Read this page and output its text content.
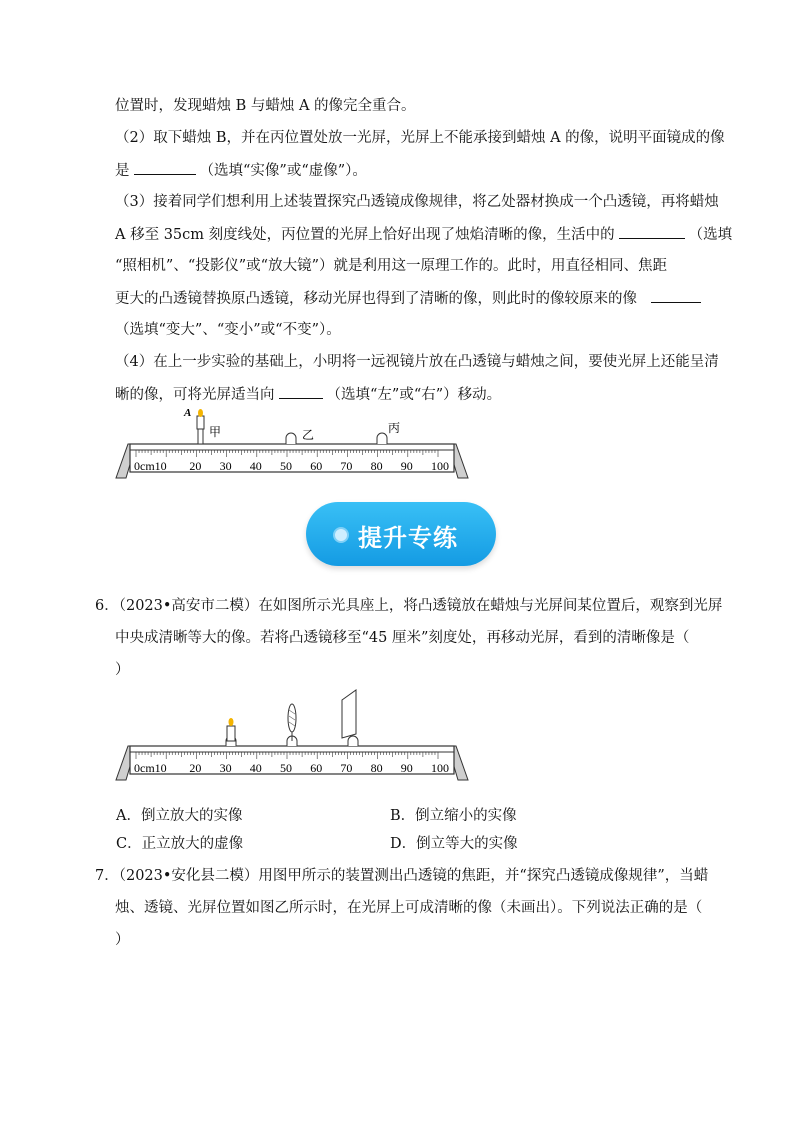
位置时，发现蜡烛 B 与蜡烛 A 的像完全重合。
（2）取下蜡烛 B，并在丙位置处放一光屏，光屏上不能承接到蜡烛 A 的像，说明平面镜成的像
是	（选填“实像”或“虚像”）。
（3）接着同学们想利用上述装置探究凸透镜成像规律，将乙处器材换成一个凸透镜，再将蜡烛
A 移至 35cm 刻度线处，丙位置的光屏上恰好出现了烛焰清晰的像，生活中的	（选填
“照相机”、“投影仪”或“放大镜”）就是利用这一原理工作的。此时，用直径相同、焦距
更大的凸透镜替换原凸透镜，移动光屏也得到了清晰的像，则此时的像较原来的像
（选填“变大”、“变小”或“不变”）。
（4）在上一步实验的基础上，小明将一远视镜片放在凸透镜与蜡烛之间，要使光屏上还能呈清
晰的像，可将光屏适当向	（选填“左”或“右”）移动。
A
甲	乙	丙
0cm10 20 30 40 50 60 70 80 90 100
提升专练
6．（2023•高安市二模）在如图所示光具座上，将凸透镜放在蜡烛与光屏间某位置后，观察到光屏
中央成清晰等大的像。若将凸透镜移至“45 厘米”刻度处，再移动光屏，看到的清晰像是（
）
0cm10 20 30 40 50 60 70 80 90 100
A．倒立放大的实像	B．倒立缩小的实像
C．正立放大的虚像	D．倒立等大的实像
7．（2023•安化县二模）用图甲所示的装置测出凸透镜的焦距，并“探究凸透镜成像规律”，当蜡
烛、透镜、光屏位置如图乙所示时，在光屏上可成清晰的像（未画出）。下列说法正确的是（
）
